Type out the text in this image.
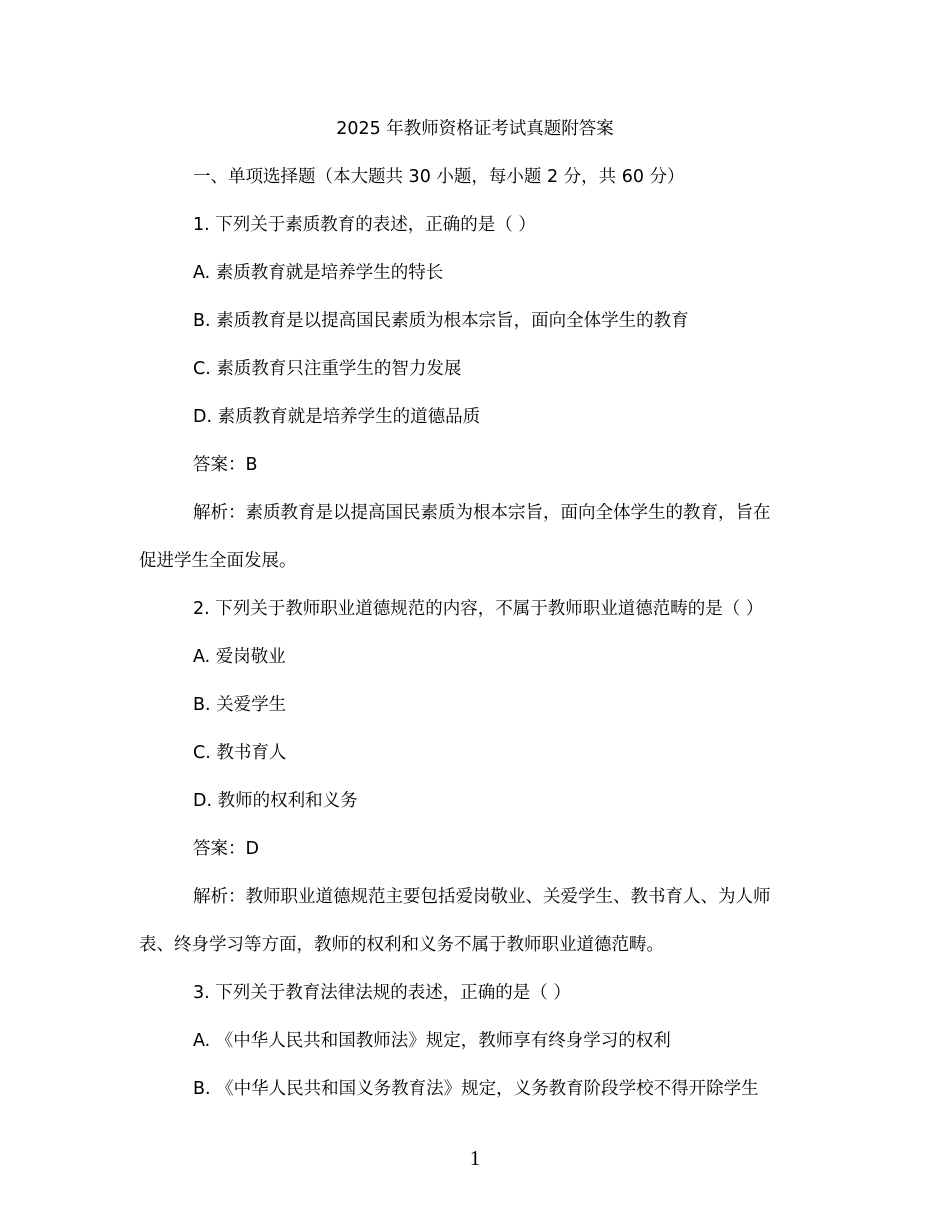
2025 年教师资格证考试真题附答案

一、单项选择题（本大题共 30 小题，每小题 2 分，共 60 分）

1. 下列关于素质教育的表述，正确的是（ ）

A. 素质教育就是培养学生的特长

B. 素质教育是以提高国民素质为根本宗旨，面向全体学生的教育

C. 素质教育只注重学生的智力发展

D. 素质教育就是培养学生的道德品质

答案：B

解析：素质教育是以提高国民素质为根本宗旨，面向全体学生的教育，旨在

促进学生全面发展。

2. 下列关于教师职业道德规范的内容，不属于教师职业道德范畴的是（ ）

A. 爱岗敬业

B. 关爱学生

C. 教书育人

D. 教师的权利和义务

答案：D

解析：教师职业道德规范主要包括爱岗敬业、关爱学生、教书育人、为人师

表、终身学习等方面，教师的权利和义务不属于教师职业道德范畴。

3. 下列关于教育法律法规的表述，正确的是（ ）

A. 《中华人民共和国教师法》规定，教师享有终身学习的权利

B. 《中华人民共和国义务教育法》规定，义务教育阶段学校不得开除学生

1
